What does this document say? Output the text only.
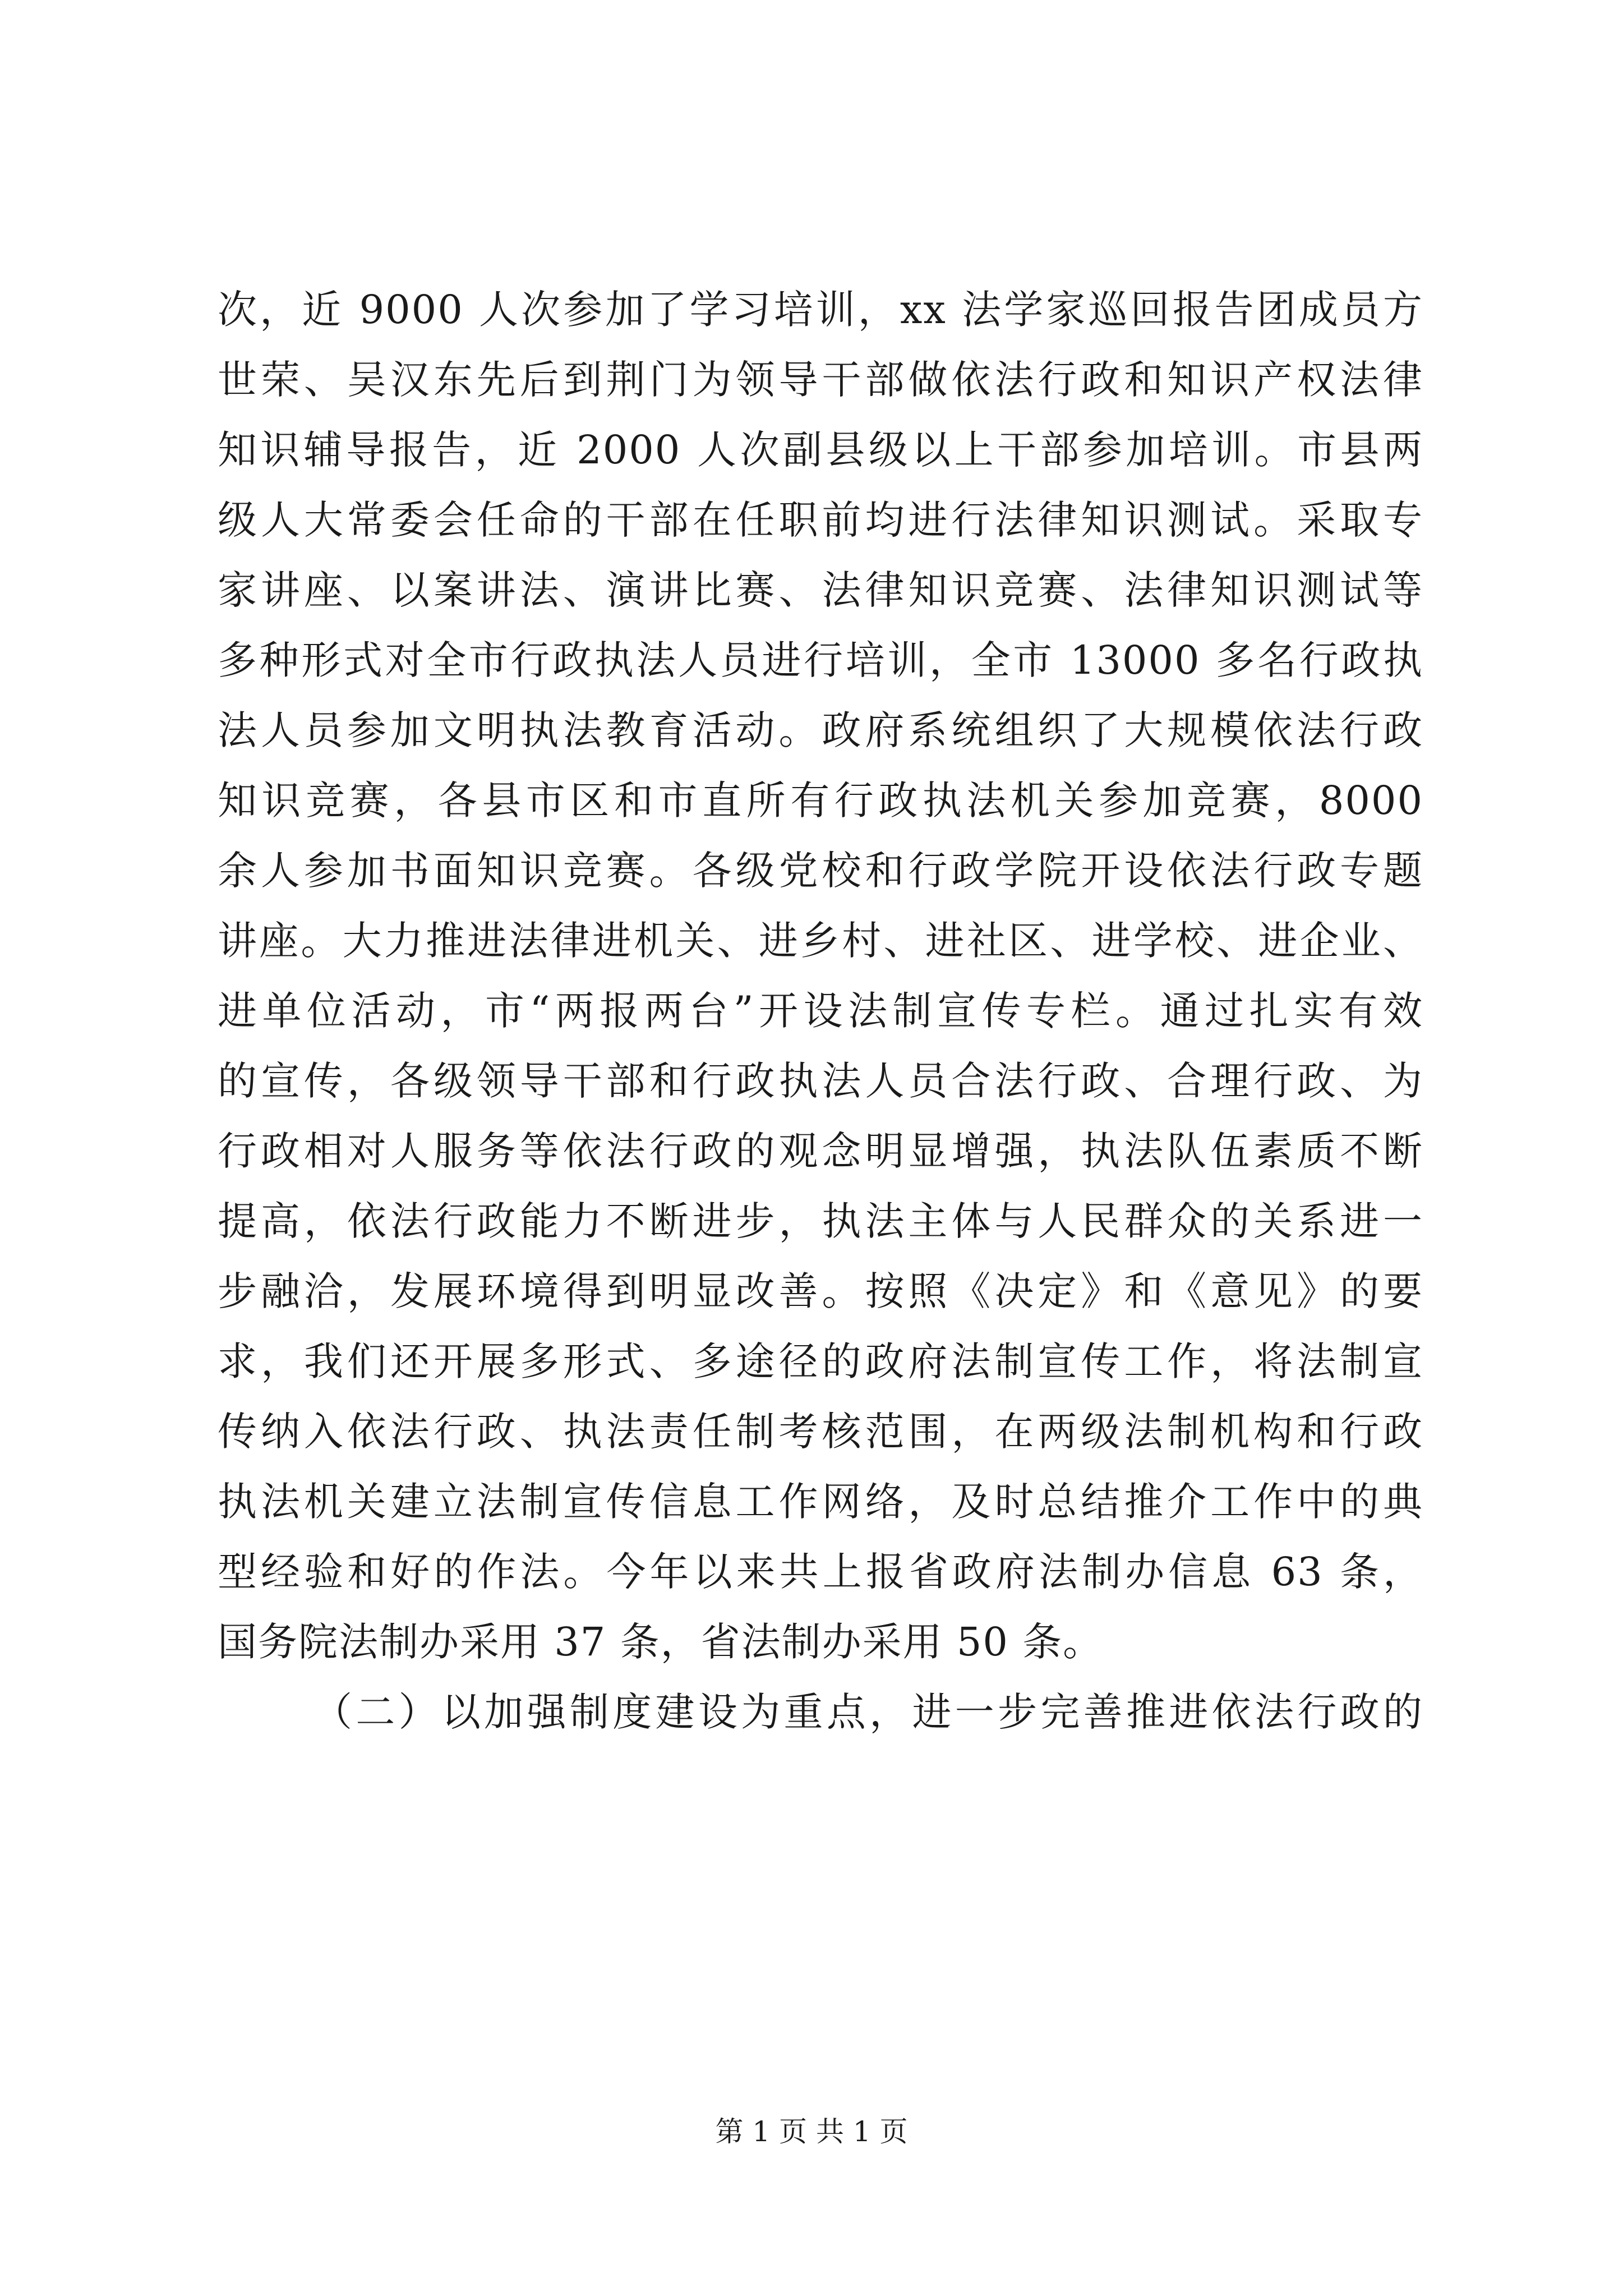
次，近 9000 人次参加了学习培训，xx 法学家巡回报告团成员方
世荣、吴汉东先后到荆门为领导干部做依法行政和知识产权法律
知识辅导报告，近 2000 人次副县级以上干部参加培训。市县两
级人大常委会任命的干部在任职前均进行法律知识测试。采取专
家讲座、以案讲法、演讲比赛、法律知识竞赛、法律知识测试等
多种形式对全市行政执法人员进行培训，全市 13000 多名行政执
法人员参加文明执法教育活动。政府系统组织了大规模依法行政
知识竞赛，各县市区和市直所有行政执法机关参加竞赛，8000
余人参加书面知识竞赛。各级党校和行政学院开设依法行政专题
讲座。大力推进法律进机关、进乡村、进社区、进学校、进企业、
进单位活动，市“两报两台”开设法制宣传专栏。通过扎实有效
的宣传，各级领导干部和行政执法人员合法行政、合理行政、为
行政相对人服务等依法行政的观念明显增强，执法队伍素质不断
提高，依法行政能力不断进步，执法主体与人民群众的关系进一
步融洽，发展环境得到明显改善。按照《决定》和《意见》的要
求，我们还开展多形式、多途径的政府法制宣传工作，将法制宣
传纳入依法行政、执法责任制考核范围，在两级法制机构和行政
执法机关建立法制宣传信息工作网络，及时总结推介工作中的典
型经验和好的作法。今年以来共上报省政府法制办信息 63 条，
国务院法制办采用 37 条，省法制办采用 50 条。
（二）以加强制度建设为重点，进一步完善推进依法行政的
第 1 页 共 1 页
